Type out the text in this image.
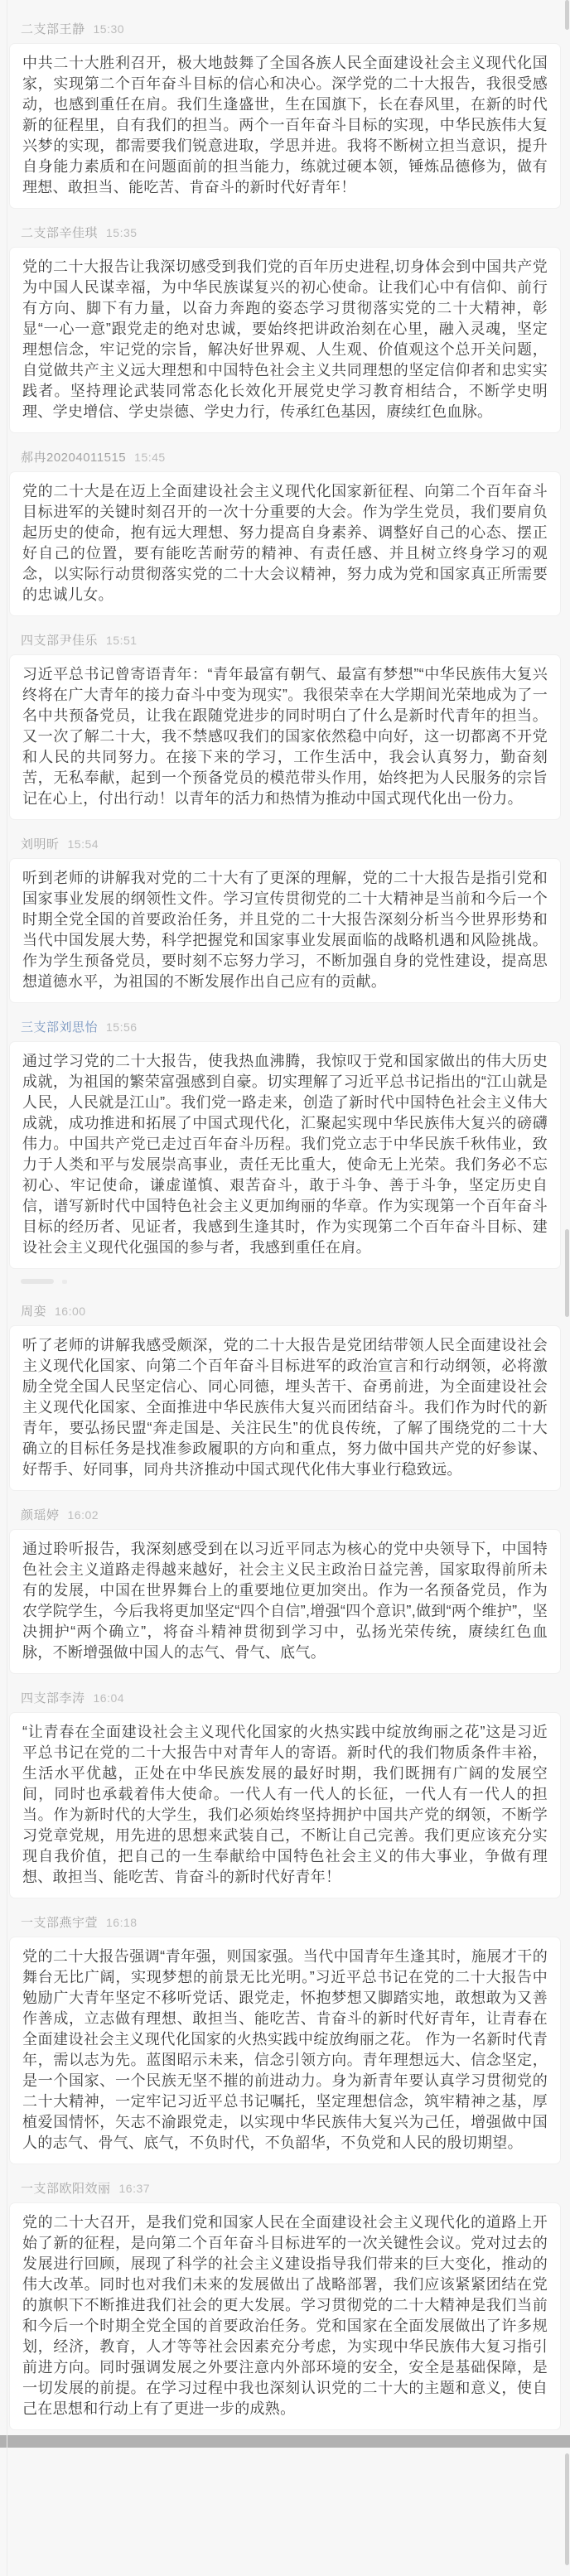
二支部王静 15:30
中共二十大胜利召开，极大地鼓舞了全国各族人民全面建设社会主义现代化国家，实现第二个百年奋斗目标的信心和决心。深学党的二十大报告，我很受感动，也感到重任在肩。我们生逢盛世，生在国旗下，长在春风里，在新的时代新的征程里，自有我们的担当。两个一百年奋斗目标的实现，中华民族伟大复兴梦的实现，都需要我们锐意进取，学思并进。我将不断树立担当意识，提升自身能力素质和在问题面前的担当能力，练就过硬本领，锤炼品德修为，做有理想、敢担当、能吃苦、肯奋斗的新时代好青年！
二支部辛佳琪 15:35
党的二十大报告让我深切感受到我们党的百年历史进程,切身体会到中国共产党为中国人民谋幸福，为中华民族谋复兴的初心使命。让我们心中有信仰、前行有方向、脚下有力量，以奋力奔跑的姿态学习贯彻落实党的二十大精神，彰显“一心一意”跟党走的绝对忠诚，要始终把讲政治刻在心里，融入灵魂，坚定理想信念，牢记党的宗旨，解决好世界观、人生观、价值观这个总开关问题，自觉做共产主义远大理想和中国特色社会主义共同理想的坚定信仰者和忠实实践者。坚持理论武装同常态化长效化开展党史学习教育相结合，不断学史明理、学史增信、学史崇德、学史力行，传承红色基因，赓续红色血脉。
郝冉20204011515 15:45
党的二十大是在迈上全面建设社会主义现代化国家新征程、向第二个百年奋斗目标进军的关键时刻召开的一次十分重要的大会。作为学生党员，我们要肩负起历史的使命，抱有远大理想、努力提高自身素养、调整好自己的心态、摆正好自己的位置，要有能吃苦耐劳的精神、有责任感、并且树立终身学习的观念，以实际行动贯彻落实党的二十大会议精神，努力成为党和国家真正所需要的忠诚儿女。
四支部尹佳乐 15:51
习近平总书记曾寄语青年：“青年最富有朝气、最富有梦想”“中华民族伟大复兴终将在广大青年的接力奋斗中变为现实”。我很荣幸在大学期间光荣地成为了一名中共预备党员，让我在跟随党进步的同时明白了什么是新时代青年的担当。又一次了解二十大，我不禁感叹我们的国家依然稳中向好，这一切都离不开党和人民的共同努力。在接下来的学习，工作生活中，我会认真努力，勤奋刻苦，无私奉献，起到一个预备党员的模范带头作用，始终把为人民服务的宗旨记在心上，付出行动！以青年的活力和热情为推动中国式现代化出一份力。
刘明昕 15:54
听到老师的讲解我对党的二十大有了更深的理解，党的二十大报告是指引党和国家事业发展的纲领性文件。学习宣传贯彻党的二十大精神是当前和今后一个时期全党全国的首要政治任务，并且党的二十大报告深刻分析当今世界形势和当代中国发展大势，科学把握党和国家事业发展面临的战略机遇和风险挑战。作为学生预备党员，要时刻不忘努力学习，不断加强自身的党性建设，提高思想道德水平，为祖国的不断发展作出自己应有的贡献。
三支部刘思怡 15:56
通过学习党的二十大报告，使我热血沸腾，我惊叹于党和国家做出的伟大历史成就，为祖国的繁荣富强感到自豪。切实理解了习近平总书记指出的“江山就是人民，人民就是江山”。我们党一路走来，创造了新时代中国特色社会主义伟大成就，成功推进和拓展了中国式现代化，汇聚起实现中华民族伟大复兴的磅礴伟力。中国共产党已走过百年奋斗历程。我们党立志于中华民族千秋伟业，致力于人类和平与发展崇高事业，责任无比重大，使命无上光荣。我们务必不忘初心、牢记使命，谦虚谨慎、艰苦奋斗，敢于斗争、善于斗争，坚定历史自信，谱写新时代中国特色社会主义更加绚丽的华章。作为实现第一个百年奋斗目标的经历者、见证者，我感到生逢其时，作为实现第二个百年奋斗目标、建设社会主义现代化强国的参与者，我感到重任在肩。
周娈 16:00
听了老师的讲解我感受颇深，党的二十大报告是党团结带领人民全面建设社会主义现代化国家、向第二个百年奋斗目标进军的政治宣言和行动纲领，必将激励全党全国人民坚定信心、同心同德，埋头苦干、奋勇前进，为全面建设社会主义现代化国家、全面推进中华民族伟大复兴而团结奋斗。我们作为时代的新青年，要弘扬民盟“奔走国是、关注民生”的优良传统，了解了围绕党的二十大确立的目标任务是找准参政履职的方向和重点，努力做中国共产党的好参谋、好帮手、好同事，同舟共济推动中国式现代化伟大事业行稳致远。
颜瑶婷 16:02
通过聆听报告，我深刻感受到在以习近平同志为核心的党中央领导下，中国特色社会主义道路走得越来越好，社会主义民主政治日益完善，国家取得前所未有的发展，中国在世界舞台上的重要地位更加突出。作为一名预备党员，作为农学院学生，今后我将更加坚定“四个自信”,增强“四个意识”,做到“两个维护”，坚决拥护“两个确立”，将奋斗精神贯彻到学习中，弘扬光荣传统，赓续红色血脉，不断增强做中国人的志气、骨气、底气。
四支部李涛 16:04
“让青春在全面建设社会主义现代化国家的火热实践中绽放绚丽之花”这是习近平总书记在党的二十大报告中对青年人的寄语。新时代的我们物质条件丰裕，生活水平优越，正处在中华民族发展的最好时期，我们既拥有广阔的发展空间，同时也承载着伟大使命。一代人有一代人的长征，一代人有一代人的担当。作为新时代的大学生，我们必须始终坚持拥护中国共产党的纲领，不断学习党章党规，用先进的思想来武装自己，不断让自己完善。我们更应该充分实现自我价值，把自己的一生奉献给中国特色社会主义的伟大事业，争做有理想、敢担当、能吃苦、肯奋斗的新时代好青年！
一支部燕宇萱 16:18
党的二十大报告强调“青年强，则国家强。当代中国青年生逢其时，施展才干的舞台无比广阔，实现梦想的前景无比光明。”习近平总书记在党的二十大报告中勉励广大青年坚定不移听党话、跟党走，怀抱梦想又脚踏实地，敢想敢为又善作善成，立志做有理想、敢担当、能吃苦、肯奋斗的新时代好青年，让青春在全面建设社会主义现代化国家的火热实践中绽放绚丽之花。 作为一名新时代青年，需以志为先。蓝图昭示未来，信念引领方向。青年理想远大、信念坚定，是一个国家、一个民族无坚不摧的前进动力。身为新青年要认真学习贯彻党的二十大精神，一定牢记习近平总书记嘱托，坚定理想信念，筑牢精神之基，厚植爱国情怀，矢志不渝跟党走，以实现中华民族伟大复兴为己任，增强做中国人的志气、骨气、底气，不负时代，不负韶华，不负党和人民的殷切期望。
一支部欧阳效丽 16:37
党的二十大召开，是我们党和国家人民在全面建设社会主义现代化的道路上开始了新的征程，是向第二个百年奋斗目标进军的一次关键性会议。党对过去的发展进行回顾，展现了科学的社会主义建设指导我们带来的巨大变化，推动的伟大改革。同时也对我们未来的发展做出了战略部署，我们应该紧紧团结在党的旗帜下不断推进我们社会的更大发展。学习贯彻党的二十大精神是我们当前和今后一个时期全党全国的首要政治任务。党和国家在全面发展做出了许多规划，经济，教育，人才等等社会因素充分考虑，为实现中华民族伟大复习指引前进方向。同时强调发展之外要注意内外部环境的安全，安全是基础保障，是一切发展的前提。在学习过程中我也深刻认识党的二十大的主题和意义，使自己在思想和行动上有了更进一步的成熟。
